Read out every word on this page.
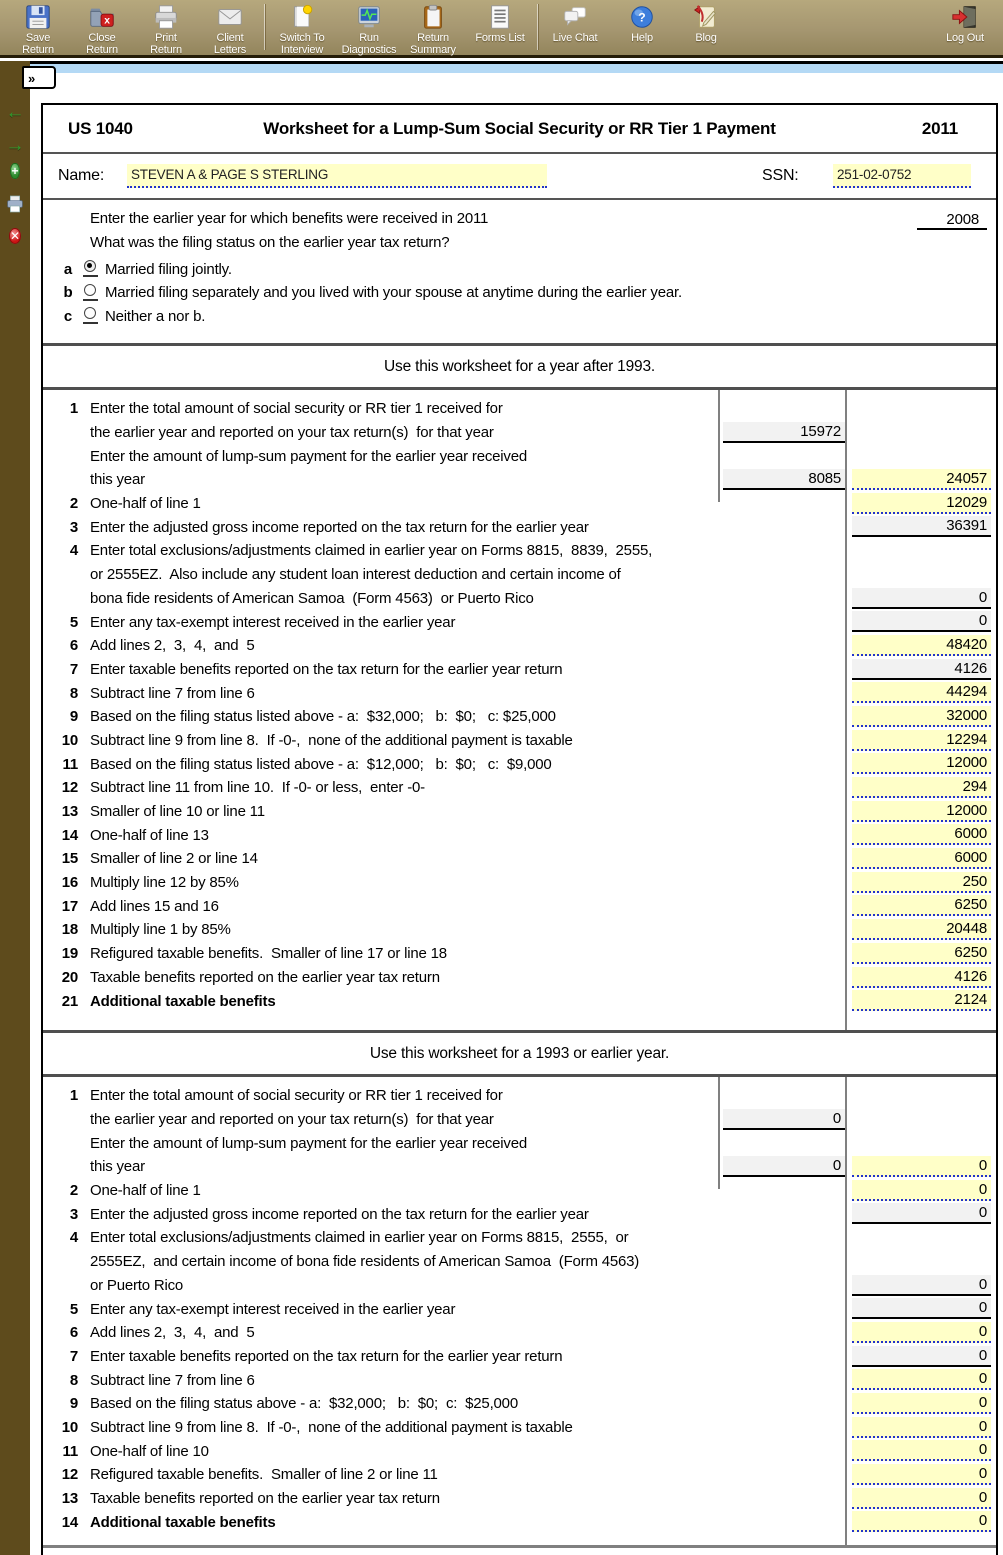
Save
Return
x
Close
Return
Print
Return
Client
Letters
Switch To
Interview
Run
Diagnostics
Return
Summary
Forms List	Live Chat
?
Help	Blog	Log Out
←
→
+
✕
»
US 1040	Worksheet for a Lump-Sum Social Security or RR Tier 1 Payment	2011
Name: STEVEN A & PAGE S STERLING	SSN:	251-02-0752
Enter the earlier year for which benefits were received in 2011	2008
What was the filing status on the earlier year tax return?
a Married filing jointly.
b Married filing separately and you lived with your spouse at anytime during the earlier year.
c Neither a nor b.
Use this worksheet for a year after 1993.
1 Enter the total amount of social security or RR tier 1 received for
the earlier year and reported on your tax return(s)  for that year	15972
Enter the amount of lump-sum payment for the earlier year received
this year	8085	24057
2 One-half of line 1	12029
3 Enter the adjusted gross income reported on the tax return for the earlier year	36391
4 Enter total exclusions/adjustments claimed in earlier year on Forms 8815,  8839,  2555,
or 2555EZ.  Also include any student loan interest deduction and certain income of
bona fide residents of American Samoa  (Form 4563)  or Puerto Rico	0
5 Enter any tax-exempt interest received in the earlier year	0
6 Add lines 2,  3,  4,  and  5	48420
7 Enter taxable benefits reported on the tax return for the earlier year return	4126
8 Subtract line 7 from line 6	44294
9 Based on the filing status listed above - a:  $32,000;   b:  $0;   c: $25,000	32000
10 Subtract line 9 from line 8.  If -0-,  none of the additional payment is taxable	12294
11 Based on the filing status listed above - a:  $12,000;   b:  $0;   c:  $9,000	12000
12 Subtract line 11 from line 10.  If -0- or less,  enter -0-	294
13 Smaller of line 10 or line 11	12000
14 One-half of line 13	6000
15 Smaller of line 2 or line 14	6000
16 Multiply line 12 by 85%	250
17 Add lines 15 and 16	6250
18 Multiply line 1 by 85%	20448
19 Refigured taxable benefits.  Smaller of line 17 or line 18	6250
20 Taxable benefits reported on the earlier year tax return	4126
21 Additional taxable benefits	2124
Use this worksheet for a 1993 or earlier year.
1 Enter the total amount of social security or RR tier 1 received for
the earlier year and reported on your tax return(s)  for that year	0
Enter the amount of lump-sum payment for the earlier year received
this year	0	0
2 One-half of line 1	0
3 Enter the adjusted gross income reported on the tax return for the earlier year	0
4 Enter total exclusions/adjustments claimed in earlier year on Forms 8815,  2555,  or
2555EZ,  and certain income of bona fide residents of American Samoa  (Form 4563)
or Puerto Rico	0
5 Enter any tax-exempt interest received in the earlier year	0
6 Add lines 2,  3,  4,  and  5	0
7 Enter taxable benefits reported on the tax return for the earlier year return	0
8 Subtract line 7 from line 6	0
9 Based on the filing status above - a:  $32,000;   b:  $0;  c:  $25,000	0
10 Subtract line 9 from line 8.  If -0-,  none of the additional payment is taxable	0
11 One-half of line 10	0
12 Refigured taxable benefits.  Smaller of line 2 or line 11	0
13 Taxable benefits reported on the earlier year tax return	0
14 Additional taxable benefits	0
